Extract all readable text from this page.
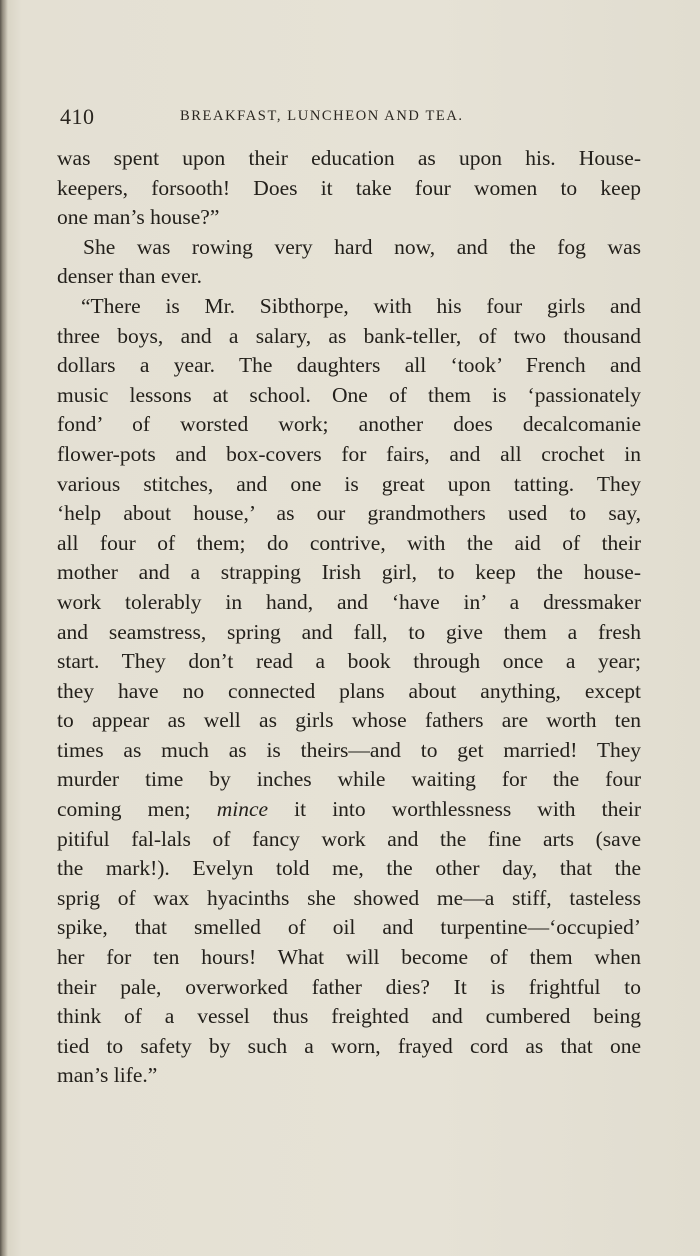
410	BREAKFAST, LUNCHEON AND TEA.
was spent upon their education as upon his. House-
keepers, forsooth! Does it take four women to keep
one man’s house?”
She was rowing very hard now, and the fog was
denser than ever.
“There is Mr. Sibthorpe, with his four girls and
three boys, and a salary, as bank-teller, of two thousand
dollars a year. The daughters all ‘took’ French and
music lessons at school. One of them is ‘passionately
fond’ of worsted work; another does decalcomanie
flower-pots and box-covers for fairs, and all crochet in
various stitches, and one is great upon tatting. They
‘help about house,’ as our grandmothers used to say,
all four of them; do contrive, with the aid of their
mother and a strapping Irish girl, to keep the house-
work tolerably in hand, and ‘have in’ a dressmaker
and seamstress, spring and fall, to give them a fresh
start. They don’t read a book through once a year;
they have no connected plans about anything, except
to appear as well as girls whose fathers are worth ten
times as much as is theirs—and to get married! They
murder time by inches while waiting for the four
coming men; mince it into worthlessness with their
pitiful fal-lals of fancy work and the fine arts (save
the mark!). Evelyn told me, the other day, that the
sprig of wax hyacinths she showed me—a stiff, tasteless
spike, that smelled of oil and turpentine—‘occupied’
her for ten hours! What will become of them when
their pale, overworked father dies? It is frightful to
think of a vessel thus freighted and cumbered being
tied to safety by such a worn, frayed cord as that one
man’s life.”
